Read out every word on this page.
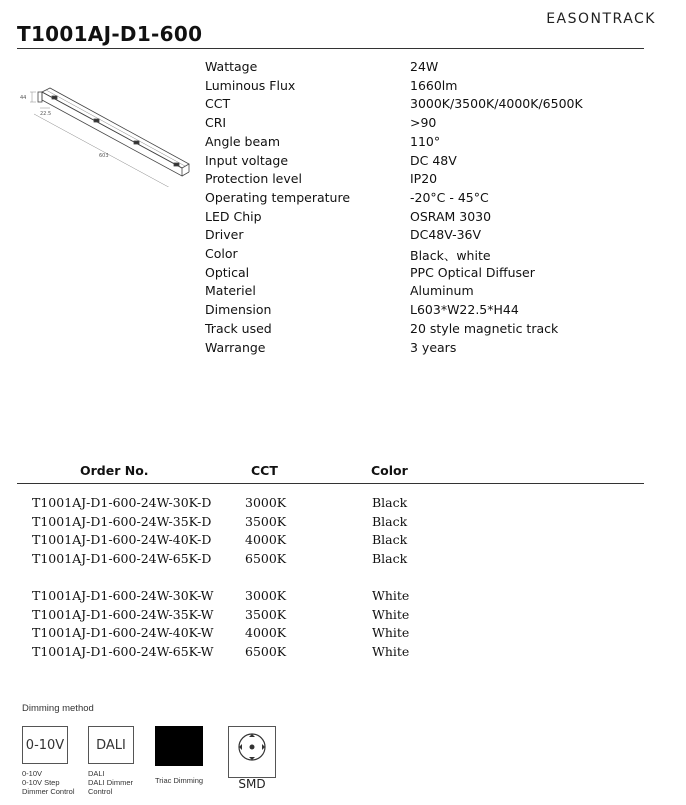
EASONTRACK
T1001AJ-D1-600
44
22.5
603
Wattage	24W
Luminous Flux	1660lm
CCT	3000K/3500K/4000K/6500K
CRI	>90
Angle beam	110°
Input voltage	DC 48V
Protection level	IP20
Operating temperature	-20°C - 45°C
LED Chip	OSRAM 3030
Driver	DC48V-36V
Color	Black、white
Optical	PPC Optical Diffuser
Materiel	Aluminum
Dimension	L603*W22.5*H44
Track used	20 style magnetic track
Warrange	3 years
Order No.	CCT	Color
T1001AJ-D1-600-24W-30K-D	3000K	Black
T1001AJ-D1-600-24W-35K-D	3500K	Black
T1001AJ-D1-600-24W-40K-D	4000K	Black
T1001AJ-D1-600-24W-65K-D	6500K	Black
T1001AJ-D1-600-24W-30K-W	3000K	White
T1001AJ-D1-600-24W-35K-W	3500K	White
T1001AJ-D1-600-24W-40K-W	4000K	White
T1001AJ-D1-600-24W-65K-W	6500K	White
Dimming method
0-10V
0-10V
0-10V Step
Dimmer Control
DALI
DALI
DALI Dimmer
Control
Triac Dimming	SMD
